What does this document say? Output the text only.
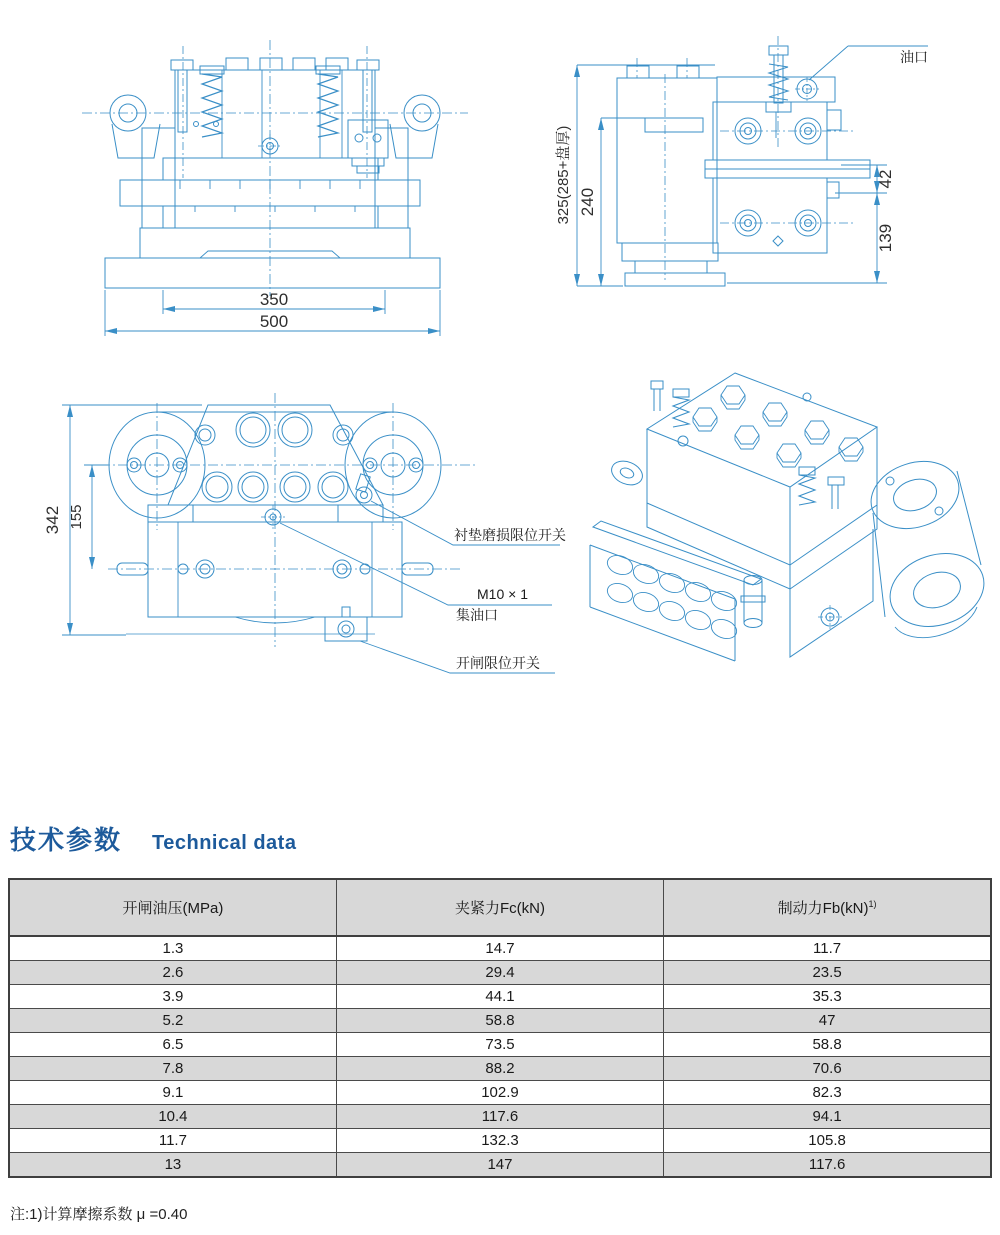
350
500
325(285+盘厚) 240
42
139
油口
342 155
衬垫磨损限位开关
M10 × 1
集油口
开闸限位开关
技术参数 Technical data
开闸油压(MPa)	夹紧力Fc(kN)	制动力Fb(kN)$^{1)}$
1.3	14.7	11.7
2.6	29.4	23.5
3.9	44.1	35.3
5.2	58.8	47
6.5	73.5	58.8
7.8	88.2	70.6
9.1	102.9	82.3
10.4	117.6	94.1
11.7	132.3	105.8
13	147	117.6

注:1)计算摩擦系数 μ =0.40
